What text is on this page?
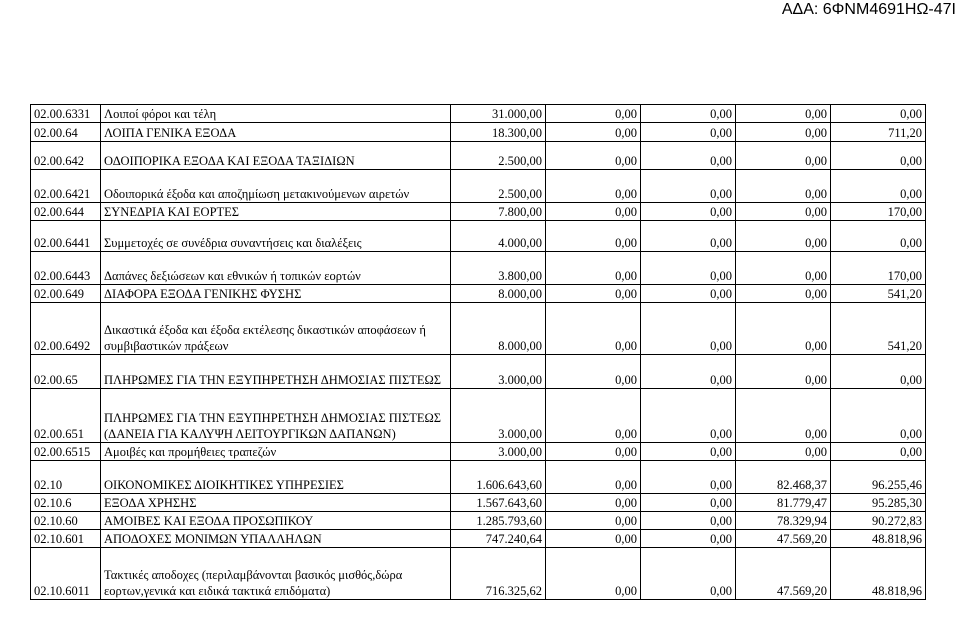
ΑΔΑ: 6ΦΝΜ4691ΗΩ-47Ι
02.00.6331	Λοιποί φόροι και τέλη	31.000,00	0,00	0,00	0,00	0,00
02.00.64	ΛΟΙΠΑ ΓΕΝΙΚΑ ΕΞΟΔΑ	18.300,00	0,00	0,00	0,00	711,20
02.00.642	ΟΔΟΙΠΟΡΙΚΑ ΕΞΟΔΑ ΚΑΙ ΕΞΟΔΑ ΤΑΞΙΔΙΩΝ	2.500,00	0,00	0,00	0,00	0,00
02.00.6421	Οδοιπορικά έξοδα και αποζημίωση μετακινούμενων αιρετών	2.500,00	0,00	0,00	0,00	0,00
02.00.644	ΣΥΝΕΔΡΙΑ ΚΑΙ ΕΟΡΤΕΣ	7.800,00	0,00	0,00	0,00	170,00
02.00.6441	Συμμετοχές σε συνέδρια συναντήσεις και διαλέξεις	4.000,00	0,00	0,00	0,00	0,00
02.00.6443	Δαπάνες δεξιώσεων και εθνικών ή τοπικών εορτών	3.800,00	0,00	0,00	0,00	170,00
02.00.649	ΔΙΑΦΟΡΑ ΕΞΟΔΑ ΓΕΝΙΚΗΣ ΦΥΣΗΣ	8.000,00	0,00	0,00	0,00	541,20
02.00.6492	Δικαστικά έξοδα και έξοδα εκτέλεσης δικαστικών αποφάσεων ή συμβιβαστικών πράξεων	8.000,00	0,00	0,00	0,00	541,20
02.00.65	ΠΛΗΡΩΜΕΣ ΓΙΑ ΤΗΝ ΕΞΥΠΗΡΕΤΗΣΗ ΔΗΜΟΣΙΑΣ ΠΙΣΤΕΩΣ	3.000,00	0,00	0,00	0,00	0,00
02.00.651	ΠΛΗΡΩΜΕΣ ΓΙΑ ΤΗΝ ΕΞΥΠΗΡΕΤΗΣΗ ΔΗΜΟΣΙΑΣ ΠΙΣΤΕΩΣ (ΔΑΝΕΙΑ ΓΙΑ ΚΑΛΥΨΗ ΛΕΙΤΟΥΡΓΙΚΩΝ ΔΑΠΑΝΩΝ)	3.000,00	0,00	0,00	0,00	0,00
02.00.6515	Αμοιβές και προμήθειες τραπεζών	3.000,00	0,00	0,00	0,00	0,00
02.10	ΟΙΚΟΝΟΜΙΚΕΣ ΔΙΟΙΚΗΤΙΚΕΣ ΥΠΗΡΕΣΙΕΣ	1.606.643,60	0,00	0,00	82.468,37	96.255,46
02.10.6	ΕΞΟΔΑ ΧΡΗΣΗΣ	1.567.643,60	0,00	0,00	81.779,47	95.285,30
02.10.60	ΑΜΟΙΒΕΣ ΚΑΙ ΕΞΟΔΑ ΠΡΟΣΩΠΙΚΟΥ	1.285.793,60	0,00	0,00	78.329,94	90.272,83
02.10.601	ΑΠΟΔΟΧΕΣ ΜΟΝΙΜΩΝ ΥΠΑΛΛΗΛΩΝ	747.240,64	0,00	0,00	47.569,20	48.818,96
02.10.6011	Τακτικές αποδοχες (περιλαμβάνονται βασικός μισθός,δώρα εορτων,γενικά και ειδικά τακτικά επιδόματα)	716.325,62	0,00	0,00	47.569,20	48.818,96
